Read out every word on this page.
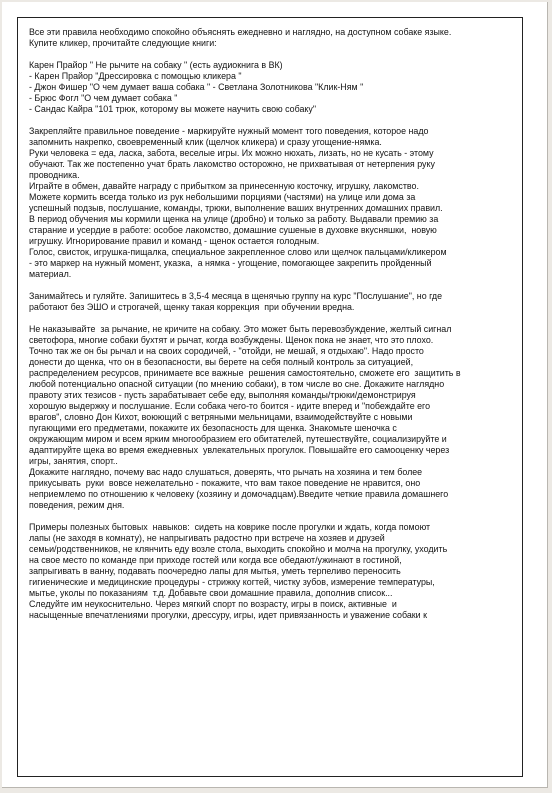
Все эти правила необходимо спокойно объяснять ежедневно и наглядно, на доступном собаке языке.

Купите кликер, прочитайте следующие книги:

Карен Прайор " Не рычите на собаку " (есть аудиокнига в ВК)

- Карен Прайор "Дрессировка с помощью кликера "

- Джон Фишер "О чем думает ваша собака " - Светлана Золотникова "Клик-Ням "

- Брюс Фогл "О чем думает собака "

- Сандас Кайра "101 трюк, которому вы можете научить свою собаку"

Закрепляйте правильное поведение - маркируйте нужный момент того поведения, которое надо

запомнить накрепко, своевременный клик (щелчок кликера) и сразу угощение-нямка.

Руки человека = еда, ласка, забота, веселые игры. Их можно нюхать, лизать, но не кусать - этому

обучают. Так же постепенно учат брать лакомство осторожно, не прихватывая от нетерпения руку

проводника.

Играйте в обмен, давайте награду с прибытком за принесенную косточку, игрушку, лакомство.

Можете кормить всегда только из рук небольшими порциями (частями) на улице или дома за

успешный подзыв, послушание, команды, трюки, выполнение ваших внутренних домашних правил.

В период обучения мы кормили щенка на улице (дробно) и только за работу. Выдавали премию за

старание и усердие в работе: особое лакомство, домашние сушеные в духовке вкусняшки,  новую

игрушку. Игнорирование правил и команд - щенок остается голодным.

Голос, свисток, игрушка-пищалка, специальное закрепленное слово или щелчок пальцами/кликером

- это маркер на нужный момент, указка,  а нямка - угощение, помогающее закрепить пройденный

материал.

Занимайтесь и гуляйте. Запишитесь в 3,5-4 месяца в щенячью группу на курс "Послушание", но где

работают без ЭШО и строгачей, щенку такая коррекция  при обучении вредна.

Не наказывайте  за рычание, не кричите на собаку. Это может быть перевозбуждение, желтый сигнал

светофора, многие собаки бухтят и рычат, когда возбуждены. Щенок пока не знает, что это плохо.

Точно так же он бы рычал и на своих сородичей, - "отойди, не мешай, я отдыхаю". Надо просто

донести до щенка, что он в безопасности, вы берете на себя полный контроль за ситуацией,

распределением ресурсов, принимаете все важные  решения самостоятельно, сможете его  защитить в

любой потенциально опасной ситуации (по мнению собаки), в том числе во сне. Докажите наглядно

правоту этих тезисов - пусть зарабатывает себе еду, выполняя команды/трюки/демонстрируя

хорошую выдержку и послушание. Если собака чего-то боится - идите вперед и "побеждайте его

врагов", словно Дон Кихот, воюющий с ветряными мельницами, взаимодействуйте с новыми

пугающими его предметами, покажите их безопасность для щенка. Знакомьте шеночка с

окружающим миром и всем ярким многообразием его обитателей, путешествуйте, социализируйте и

адаптируйте щека во время ежедневных  увлекательных прогулок. Повышайте его самооценку через

игры, занятия, спорт..

Докажите наглядно, почему вас надо слушаться, доверять, что рычать на хозяина и тем более

прикусывать  руки  вовсе нежелательно - покажите, что вам такое поведение не нравится, оно

неприемлемо по отношению к человеку (хозяину и домочадцам).Введите четкие правила домашнего

поведения, режим дня.

Примеры полезных бытовых  навыков:  сидеть на коврике после прогулки и ждать, когда помоют

лапы (не заходя в комнату), не напрыгивать радостно при встрече на хозяев и друзей

семьи/родственников, не клянчить еду возле стола, выходить спокойно и молча на прогулку, уходить

на свое место по команде при приходе гостей или когда все обедают/ужинают в гостиной,

запрыгивать в ванну, подавать поочередно лапы для мытья, уметь терпеливо переносить

гигиенические и медицинские процедуры - стрижку когтей, чистку зубов, измерение температуры,

мытье, уколы по показаниям  т.д. Добавьте свои домашние правила, дополнив список...

Следуйте им неукоснительно. Через мягкий спорт по возрасту, игры в поиск, активные  и

насыщенные впечатлениями прогулки, дрессуру, игры, идет привязанность и уважение собаки к
